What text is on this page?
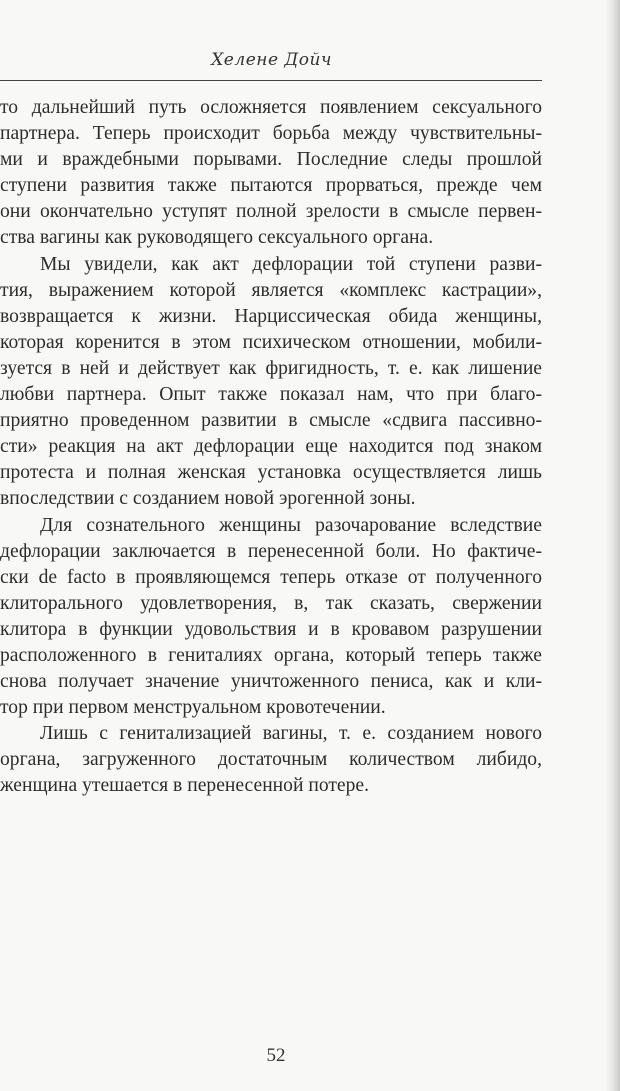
Хелене Дойч
то дальнейший путь осложняется появлением сексуального
партнера. Теперь происходит борьба между чувствительны-
ми и враждебными порывами. Последние следы прошлой
ступени развития также пытаются прорваться, прежде чем
они окончательно уступят полной зрелости в смысле первен-
ства вагины как руководящего сексуального органа.
Мы увидели, как акт дефлорации той ступени разви-
тия, выражением которой является «комплекс кастрации»,
возвращается к жизни. Нарциссическая обида женщины,
которая коренится в этом психическом отношении, мобили-
зуется в ней и действует как фригидность, т. е. как лишение
любви партнера. Опыт также показал нам, что при благо-
приятно проведенном развитии в смысле «сдвига пассивно-
сти» реакция на акт дефлорации еще находится под знаком
протеста и полная женская установка осуществляется лишь
впоследствии с созданием новой эрогенной зоны.
Для сознательного женщины разочарование вследствие
дефлорации заключается в перенесенной боли. Но фактиче-
ски de facto в проявляющемся теперь отказе от полученного
клиторального удовлетворения, в, так сказать, свержении
клитора в функции удовольствия и в кровавом разрушении
расположенного в гениталиях органа, который теперь также
снова получает значение уничтоженного пениса, как и кли-
тор при первом менструальном кровотечении.
Лишь с генитализацией вагины, т. е. созданием нового
органа, загруженного достаточным количеством либидо,
женщина утешается в перенесенной потере.
52
